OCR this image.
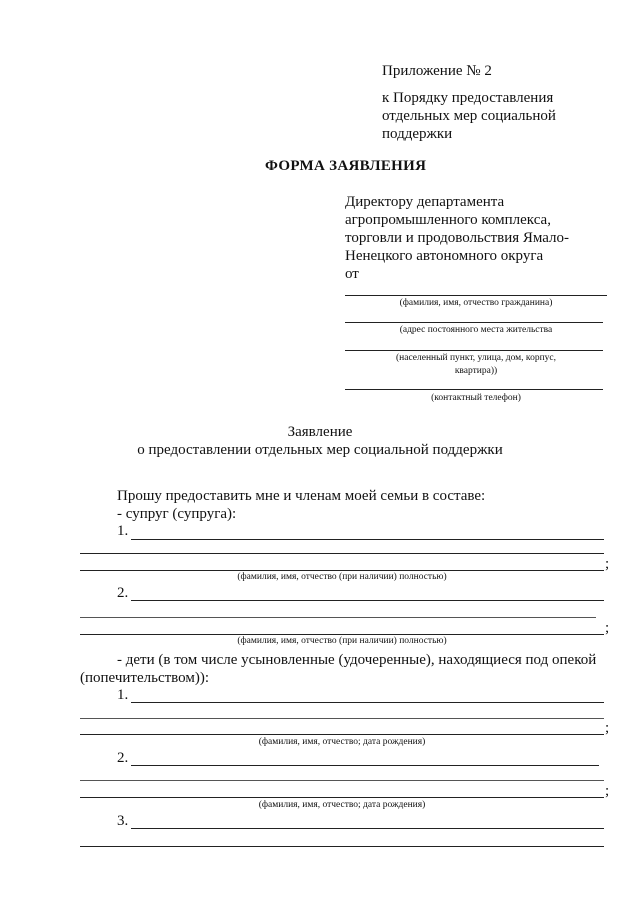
Приложение № 2
к Порядку предоставления
отдельных мер социальной
поддержки
ФОРМА ЗАЯВЛЕНИЯ
Директору департамента
агропромышленного комплекса,
торговли и продовольствия Ямало-
Ненецкого автономного округа
от
(фамилия, имя, отчество гражданина)
(адрес постоянного места жительства
(населенный пункт, улица, дом, корпус,
квартира))
(контактный телефон)
Заявление
о предоставлении отдельных мер социальной поддержки
Прошу предоставить мне и членам моей семьи в составе:
- супруг (супруга):
1.
;
(фамилия, имя, отчество (при наличии) полностью)
2.
;
(фамилия, имя, отчество (при наличии) полностью)
- дети (в том числе усыновленные (удочеренные), находящиеся под опекой
(попечительством)):
1.
;
(фамилия, имя, отчество; дата рождения)
2.
;
(фамилия, имя, отчество; дата рождения)
3.
